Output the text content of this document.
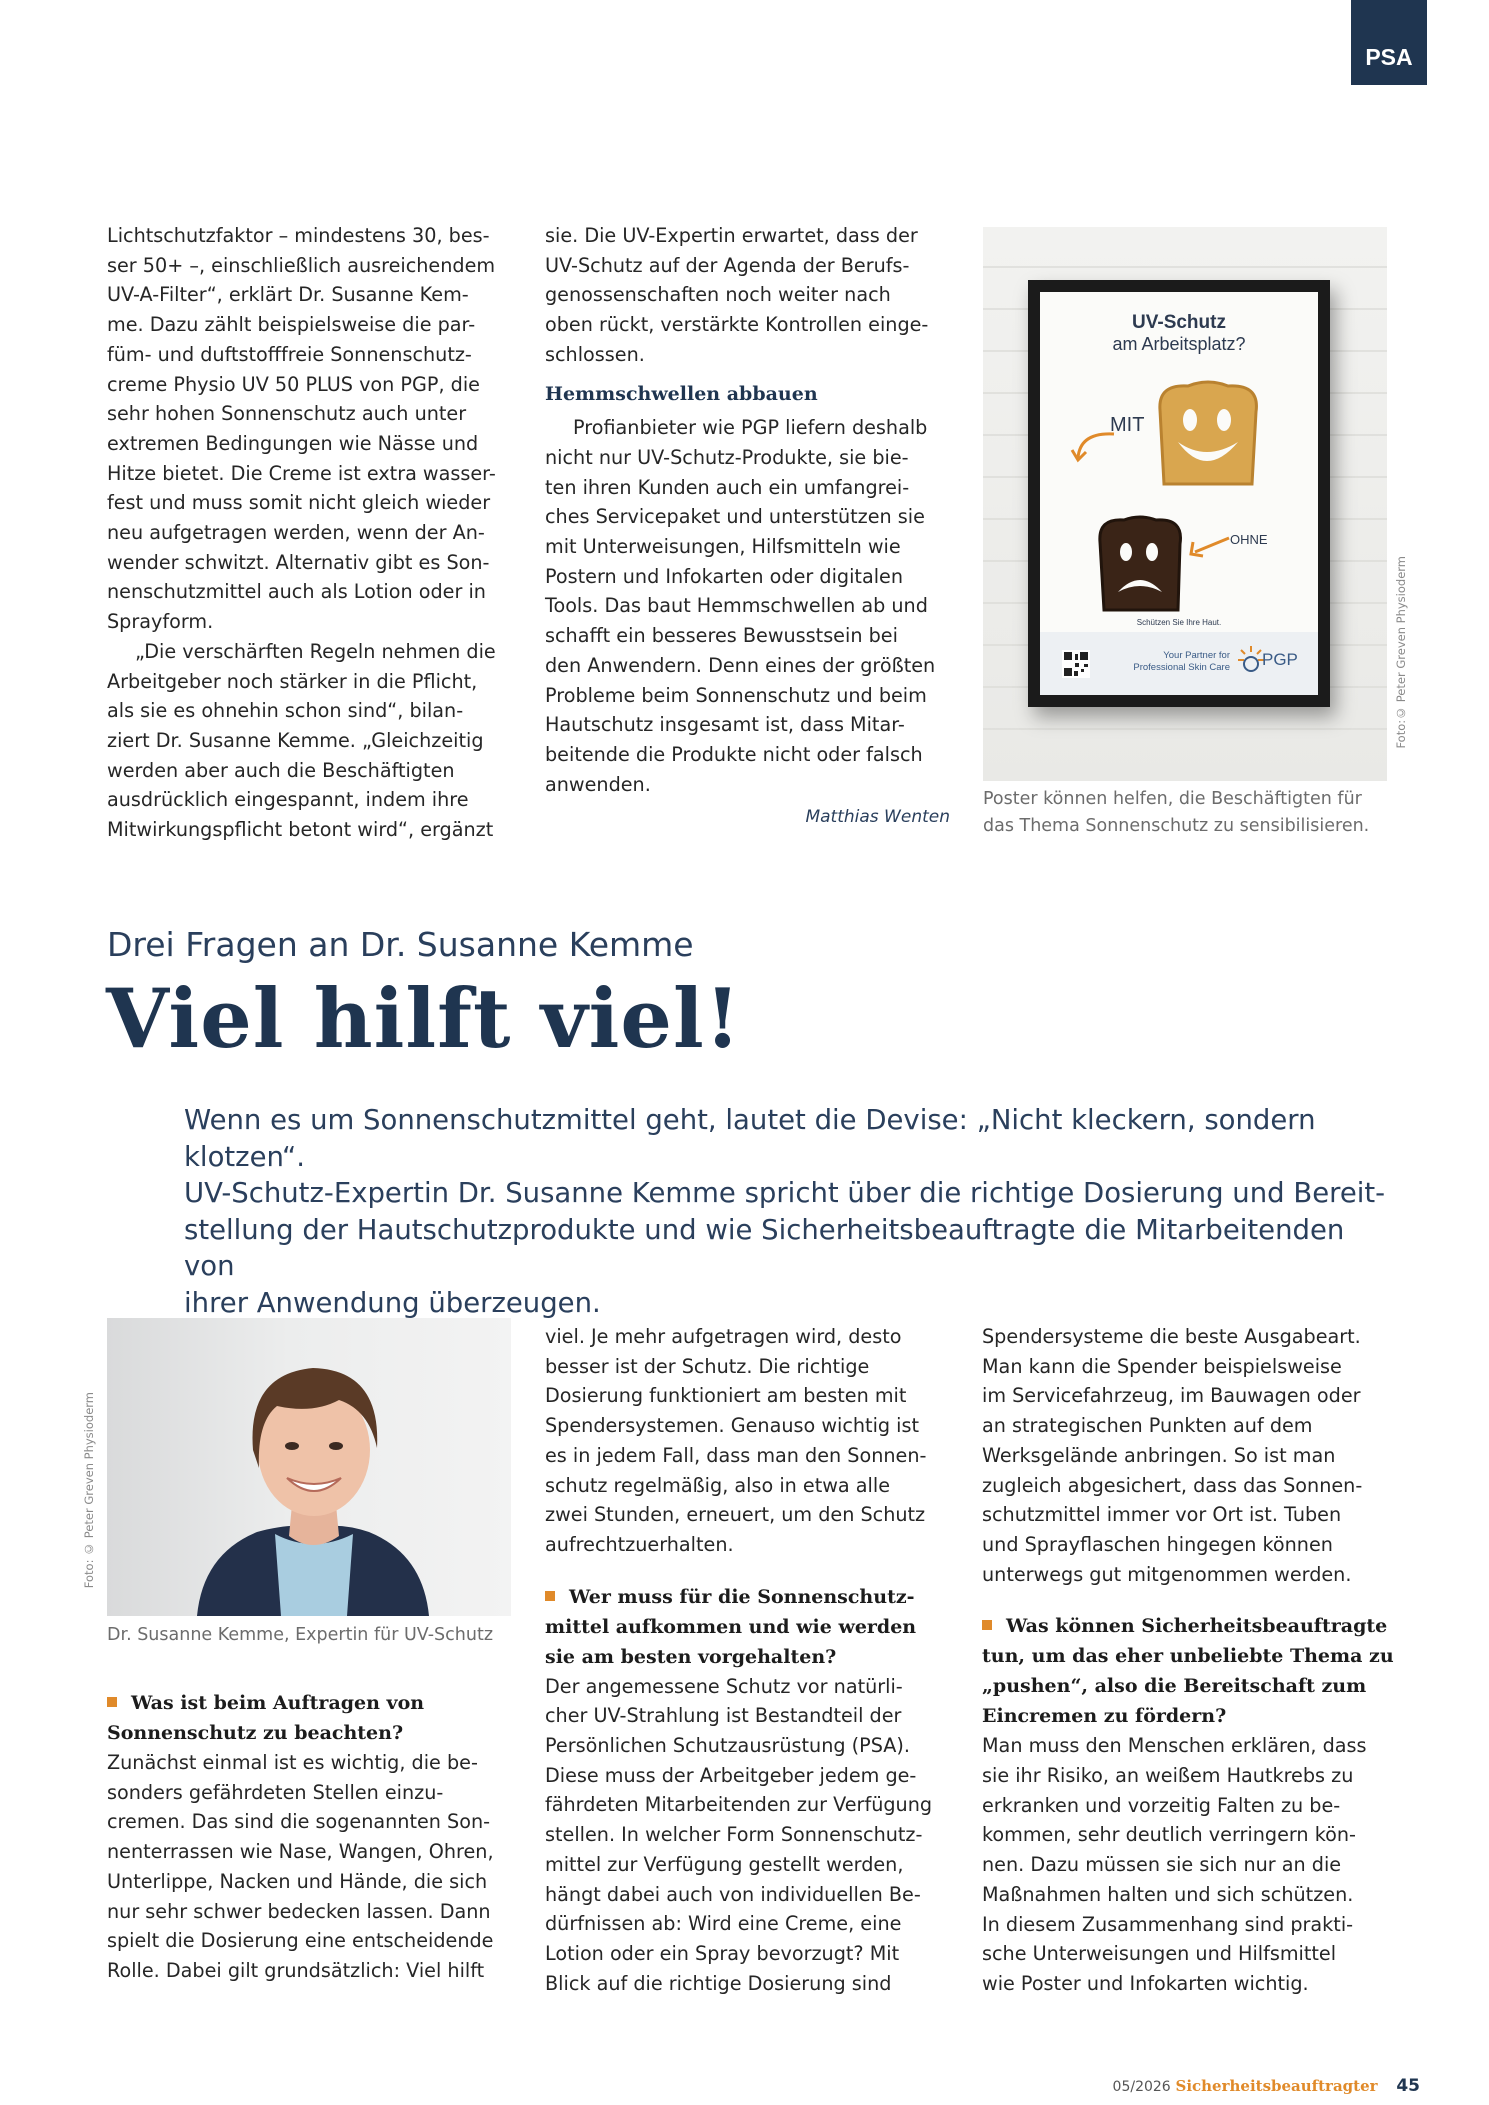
PSA

Lichtschutzfaktor – mindestens 30, bes-
ser 50+ –, einschließlich ausreichendem
UV-A-Filter“, erklärt Dr. Susanne Kem-
me. Dazu zählt beispielsweise die par-
füm- und duftstofffreie Sonnenschutz-
creme Physio UV 50 PLUS von PGP, die
sehr hohen Sonnenschutz auch unter
extremen Bedingungen wie Nässe und
Hitze bietet. Die Creme ist extra wasser-
fest und muss somit nicht gleich wieder
neu aufgetragen werden, wenn der An-
wender schwitzt. Alternativ gibt es Son-
nenschutzmittel auch als Lotion oder in
Sprayform.

„Die verschärften Regeln nehmen die
Arbeitgeber noch stärker in die Pflicht,
als sie es ohnehin schon sind“, bilan-
ziert Dr. Susanne Kemme. „Gleichzeitig
werden aber auch die Beschäftigten
ausdrücklich eingespannt, indem ihre
Mitwirkungspflicht betont wird“, ergänzt

sie. Die UV-Expertin erwartet, dass der
UV-Schutz auf der Agenda der Berufs-
genossenschaften noch weiter nach
oben rückt, verstärkte Kontrollen einge-
schlossen.

Hemmschwellen abbauen

Profianbieter wie PGP liefern deshalb
nicht nur UV-Schutz-Produkte, sie bie-
ten ihren Kunden auch ein umfangrei-
ches Servicepaket und unterstützen sie
mit Unterweisungen, Hilfsmitteln wie
Postern und Infokarten oder digitalen
Tools. Das baut Hemmschwellen ab und
schafft ein besseres Bewusstsein bei
den Anwendern. Denn eines der größten
Probleme beim Sonnenschutz und beim
Hautschutz insgesamt ist, dass Mitar-
beitende die Produkte nicht oder falsch
anwenden.

Matthias Wenten

UV-Schutz
am Arbeitsplatz?
MIT
OHNE
Schützen Sie Ihre Haut.
Your Partner for
Professional Skin Care PGP	Foto:© Peter Greven Physioderm
Poster können helfen, die Beschäftigten für
das Thema Sonnenschutz zu sensibilisieren.
Drei Fragen an Dr. Susanne Kemme
Viel hilft viel!
Wenn es um Sonnenschutzmittel geht, lautet die Devise: „Nicht kleckern, sondern klotzen“.
UV-Schutz-Expertin Dr. Susanne Kemme spricht über die richtige Dosierung und Bereit-
stellung der Hautschutzprodukte und wie Sicherheitsbeauftragte die Mitarbeitenden von
ihrer Anwendung überzeugen.
Foto: © Peter Greven Physioderm
Dr. Susanne Kemme, Expertin für UV-Schutz

Was ist beim Auftragen von
Sonnenschutz zu beachten?

Zunächst einmal ist es wichtig, die be-
sonders gefährdeten Stellen einzu-
cremen. Das sind die sogenannten Son-
nenterrassen wie Nase, Wangen, Ohren,
Unterlippe, Nacken und Hände, die sich
nur sehr schwer bedecken lassen. Dann
spielt die Dosierung eine entscheidende
Rolle. Dabei gilt grundsätzlich: Viel hilft

viel. Je mehr aufgetragen wird, desto
besser ist der Schutz. Die richtige
Dosierung funktioniert am besten mit
Spendersystemen. Genauso wichtig ist
es in jedem Fall, dass man den Sonnen-
schutz regelmäßig, also in etwa alle
zwei Stunden, erneuert, um den Schutz
aufrechtzuerhalten.

Wer muss für die Sonnenschutz-
mittel aufkommen und wie werden
sie am besten vorgehalten?

Der angemessene Schutz vor natürli-
cher UV-Strahlung ist Bestandteil der
Persönlichen Schutzausrüstung (PSA).
Diese muss der Arbeitgeber jedem ge-
fährdeten Mitarbeitenden zur Verfügung
stellen. In welcher Form Sonnenschutz-
mittel zur Verfügung gestellt werden,
hängt dabei auch von individuellen Be-
dürfnissen ab: Wird eine Creme, eine
Lotion oder ein Spray bevorzugt? Mit
Blick auf die richtige Dosierung sind

Spendersysteme die beste Ausgabeart.
Man kann die Spender beispielsweise
im Servicefahrzeug, im Bauwagen oder
an strategischen Punkten auf dem
Werksgelände anbringen. So ist man
zugleich abgesichert, dass das Sonnen-
schutzmittel immer vor Ort ist. Tuben
und Sprayflaschen hingegen können
unterwegs gut mitgenommen werden.

Was können Sicherheitsbeauftragte
tun, um das eher unbeliebte Thema zu
„pushen“, also die Bereitschaft zum
Eincremen zu fördern?

Man muss den Menschen erklären, dass
sie ihr Risiko, an weißem Hautkrebs zu
erkranken und vorzeitig Falten zu be-
kommen, sehr deutlich verringern kön-
nen. Dazu müssen sie sich nur an die
Maßnahmen halten und sich schützen.
In diesem Zusammenhang sind prakti-
sche Unterweisungen und Hilfsmittel
wie Poster und Infokarten wichtig.

05/2026 Sicherheitsbeauftragter 45
